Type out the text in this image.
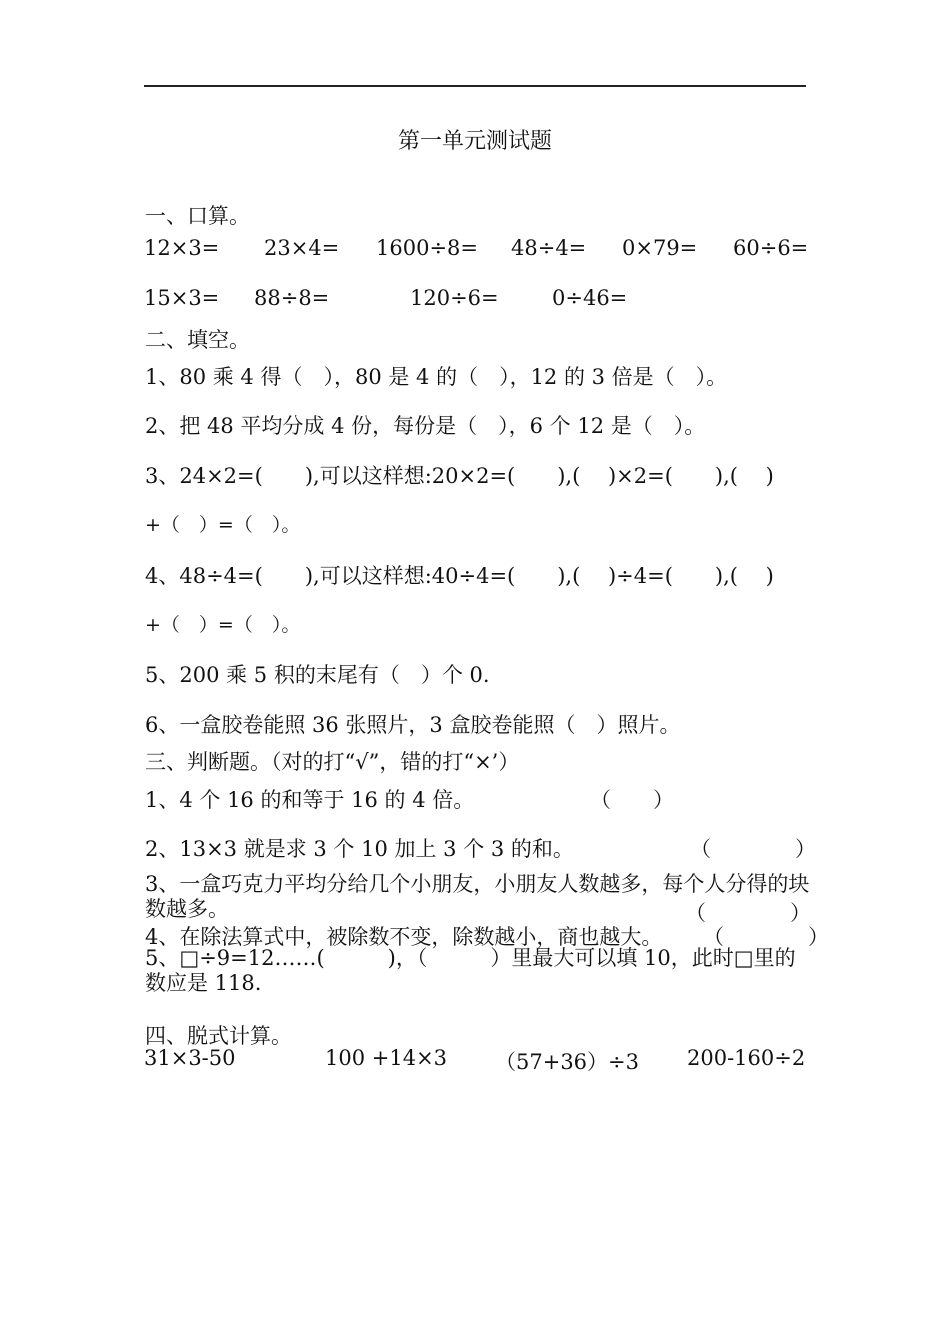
第一单元测试题
一、口算。
12×3= 23×4= 1600÷8= 48÷4= 0×79= 60÷6=
15×3= 88÷8=	120÷6=	0÷46=
二、填空。
1、80 乘 4 得（　），80 是 4 的（　），12 的 3 倍是（　）。
2、把 48 平均分成 4 份，每份是（　），6 个 12 是（　）。
3、24×2=(　　),可以这样想:20×2=(　　),(　 )×2=(　　),(　 )
+（　）=（　）。
4、48÷4=(　　),可以这样想:40÷4=(　　),(　 )÷4=(　　),(　 )
+（　）=（　）。
5、200 乘 5 积的末尾有（　）个 0.
6、一盒胶卷能照 36 张照片，3 盒胶卷能照（　）照片。
三、判断题。（对的打“√”，错的打“×’）
1、4 个 16 的和等于 16 的 4 倍。	（　　）
2、13×3 就是求 3 个 10 加上 3 个 3 的和。	（　　　　）
3、一盒巧克力平均分给几个小朋友，小朋友人数越多，每个人分得的块数越多。	（　　　　）
4、在除法算式中，被除数不变，除数越小，商也越大。 （　　　　）
5、□÷9=12……(　　　)，（　　　）里最大可以填 10，此时□里的数应是 118.
四、脱式计算。
31×3-50	100 +14×3 （57+36）÷3 200-160÷2
